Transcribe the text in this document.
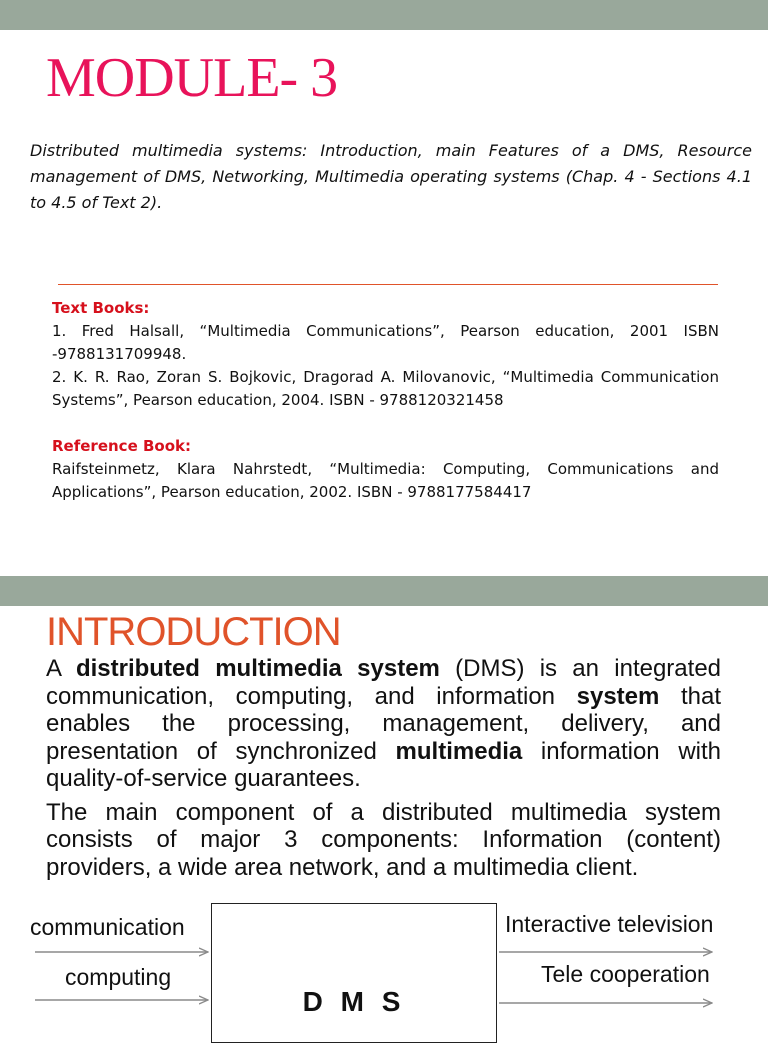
MODULE- 3
Distributed multimedia systems: Introduction, main Features of a DMS, Resource management of DMS, Networking, Multimedia operating systems (Chap. 4 - Sections 4.1 to 4.5 of Text 2).
Text Books:
1. Fred Halsall, “Multimedia Communications”, Pearson education, 2001 ISBN -9788131709948.
2. K. R. Rao, Zoran S. Bojkovic, Dragorad A. Milovanovic, “Multimedia Communication Systems”, Pearson education, 2004. ISBN - 9788120321458
Reference Book:
Raifsteinmetz, Klara Nahrstedt, “Multimedia: Computing, Communications and Applications”, Pearson education, 2002. ISBN - 9788177584417
INTRODUCTION

A distributed multimedia system (DMS) is an integrated communication, computing, and information system that enables the processing, management, delivery, and presentation of synchronized multimedia information with quality-of-service guarantees.

The main component of a distributed multimedia system consists of major 3 components: Information (content) providers, a wide area network, and a multimedia client.

D M S
communication
computing
Interactive television
Tele cooperation
